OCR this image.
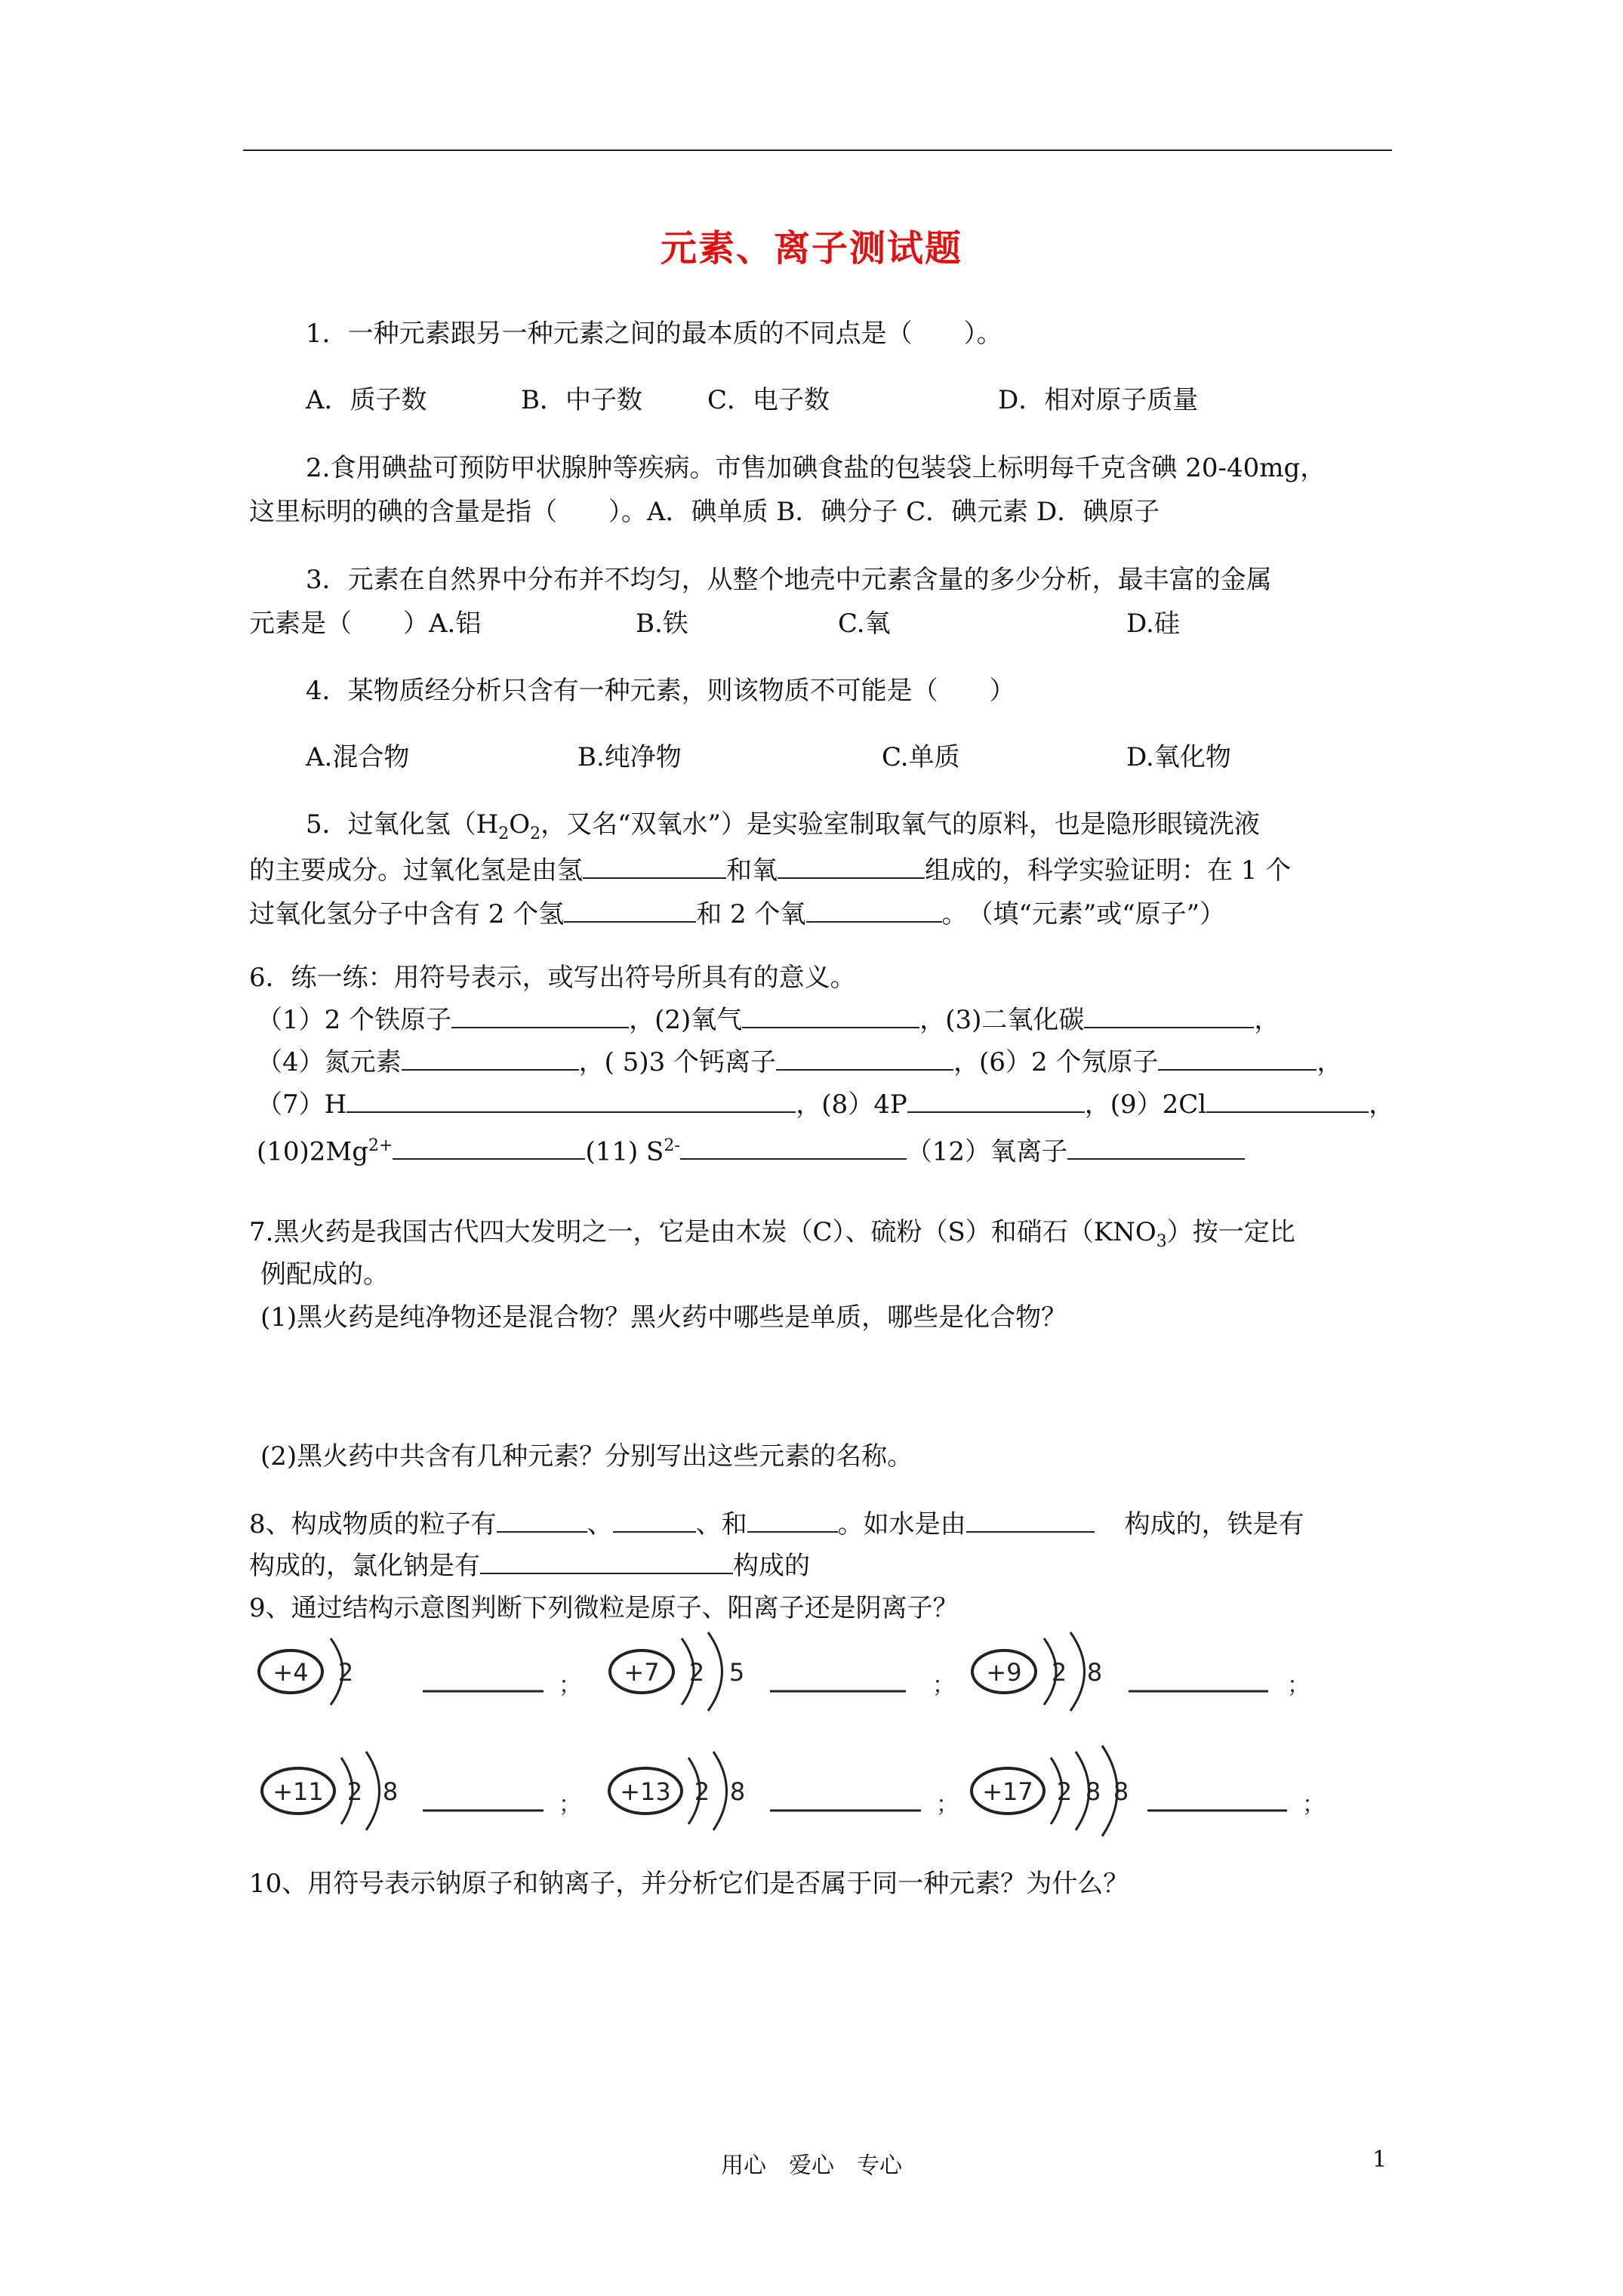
元素、离子测试题
1．一种元素跟另一种元素之间的最本质的不同点是（　　）。
A．质子数	B．中子数	C．电子数	D．相对原子质量
2.食用碘盐可预防甲状腺肿等疾病。市售加碘食盐的包装袋上标明每千克含碘 20-40mg，
这里标明的碘的含量是指（　　）。A．碘单质 B．碘分子 C．碘元素 D．碘原子
3．元素在自然界中分布并不均匀，从整个地壳中元素含量的多少分析，最丰富的金属
元素是（　　）A.铝	B.铁	C.氧	D.硅
4．某物质经分析只含有一种元素，则该物质不可能是（　　）
A.混合物	B.纯净物	C.单质	D.氧化物
5．过氧化氢（$H_2O_2$，又名“双氧水”）是实验室制取氧气的原料，也是隐形眼镜洗液
的主要成分。过氧化氢是由氢	和氧	组成的，科学实验证明：在 1 个
过氧化氢分子中含有 2 个氢	和 2 个氧	。　（填“元素”或“原子”）
6．练一练：用符号表示，或写出符号所具有的意义。
（1）2 个铁原子	，(2)氧气	，(3)二氧化碳	，
（4）氮元素	，( 5)3 个钙离子	，(6）2 个氖原子	，
（7）H	，(8）4P	，(9）2Cl	，
$(10)2Mg^{2+}$	(11) $S^{2-}$	（12）氧离子
7.黑火药是我国古代四大发明之一，它是由木炭（C）、硫粉（S）和硝石$(KNO_3)$按一定比
例配成的。
(1)黑火药是纯净物还是混合物？黑火药中哪些是单质，哪些是化合物？
(2)黑火药中共含有几种元素？分别写出这些元素的名称。
8、构成物质的粒子有	、	、和	。如水是由	构成的，铁是有
构成的，氯化钠是有	构成的
9、通过结构示意图判断下列微粒是原子、阳离子还是阴离子？
+4 2	； +7 2 5	； +9 2 8	；
+11 2 8	； +13 2 8	； +17 2 8 8	；
10、用符号表示钠原子和钠离子，并分析它们是否属于同一种元素？为什么？
用心　爱心　专心	1
